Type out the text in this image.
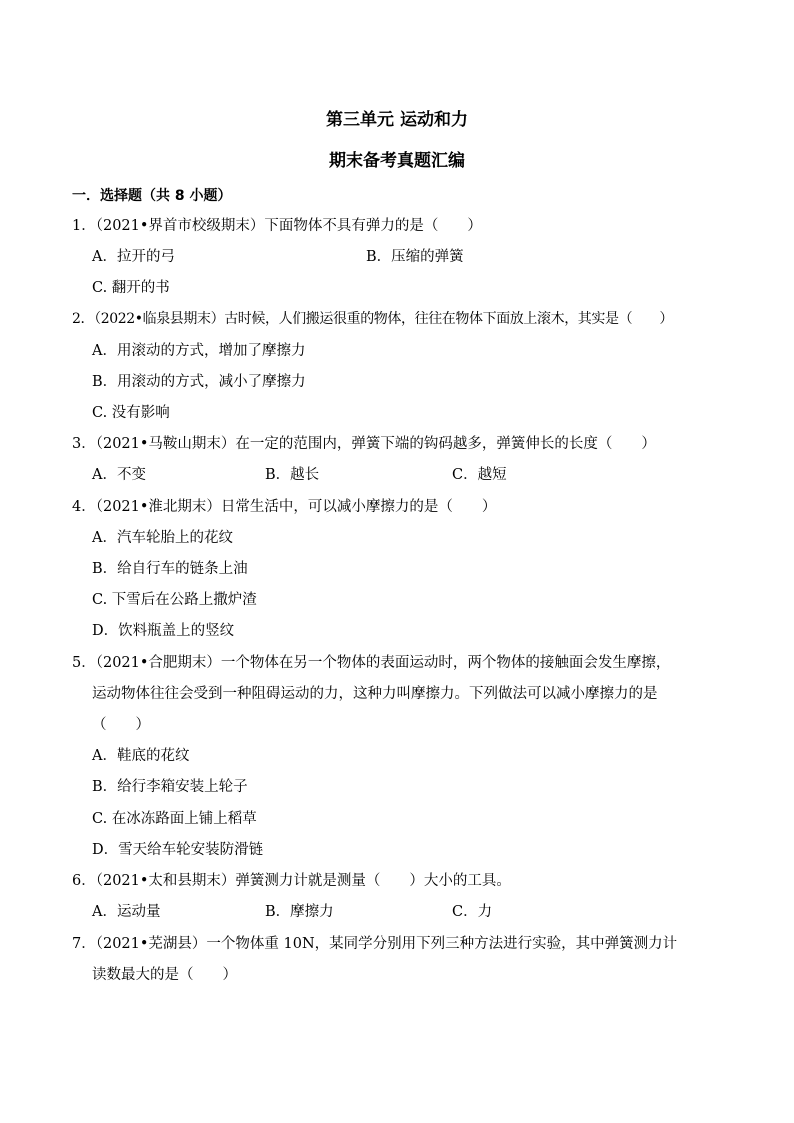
第三单元 运动和力
期末备考真题汇编
一．选择题（共 8 小题）
1．（2021•界首市校级期末）下面物体不具有弹力的是（　　）
A．拉开的弓	B．压缩的弹簧
C. 翻开的书
2．（2022•临泉县期末）古时候，人们搬运很重的物体，往往在物体下面放上滚木，其实是（　　）
A．用滚动的方式，增加了摩擦力
B．用滚动的方式，减小了摩擦力
C. 没有影响
3．（2021•马鞍山期末）在一定的范围内，弹簧下端的钩码越多，弹簧伸长的长度（　　）
A．不变	B．越长	C．越短
4．（2021•淮北期末）日常生活中，可以减小摩擦力的是（　　）
A．汽车轮胎上的花纹
B．给自行车的链条上油
C. 下雪后在公路上撒炉渣
D．饮料瓶盖上的竖纹
5．（2021•合肥期末）一个物体在另一个物体的表面运动时，两个物体的接触面会发生摩擦，
运动物体往往会受到一种阻碍运动的力，这种力叫摩擦力。下列做法可以减小摩擦力的是
（　　）
A．鞋底的花纹
B．给行李箱安装上轮子
C. 在冰冻路面上铺上稻草
D．雪天给车轮安装防滑链
6．（2021•太和县期末）弹簧测力计就是测量（　　）大小的工具。
A．运动量	B．摩擦力	C．力
7．（2021•芜湖县）一个物体重 10N，某同学分别用下列三种方法进行实验，其中弹簧测力计
读数最大的是（　　）
